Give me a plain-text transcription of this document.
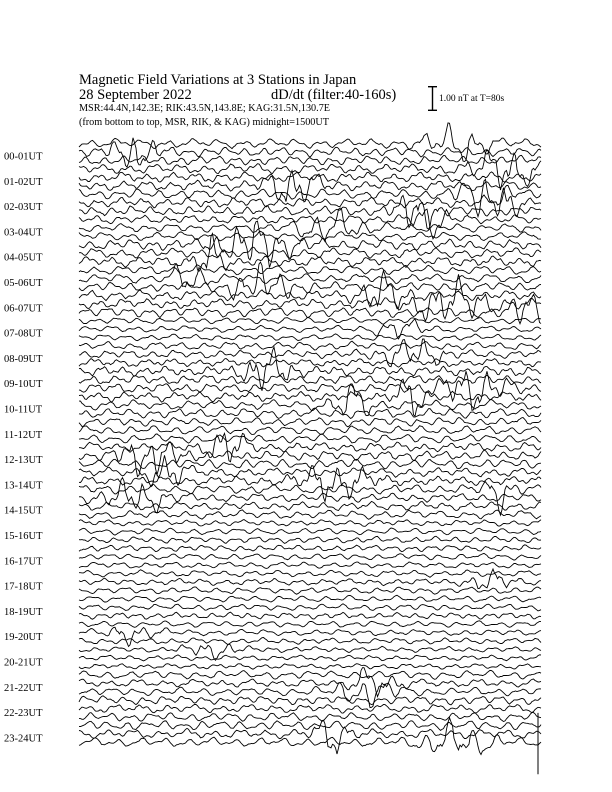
Magnetic Field Variations at 3 Stations in Japan
28 September 2022	dD/dt (filter:40-160s)
MSR:44.4N,142.3E; RIK:43.5N,143.8E; KAG:31.5N,130.7E
(from bottom to top, MSR, RIK, & KAG) midnight=1500UT
1.00 nT at T=80s
00-01UT
01-02UT
02-03UT
03-04UT
04-05UT
05-06UT
06-07UT
07-08UT
08-09UT
09-10UT
10-11UT
11-12UT
12-13UT
13-14UT
14-15UT
15-16UT
16-17UT
17-18UT
18-19UT
19-20UT
20-21UT
21-22UT
22-23UT
23-24UT
